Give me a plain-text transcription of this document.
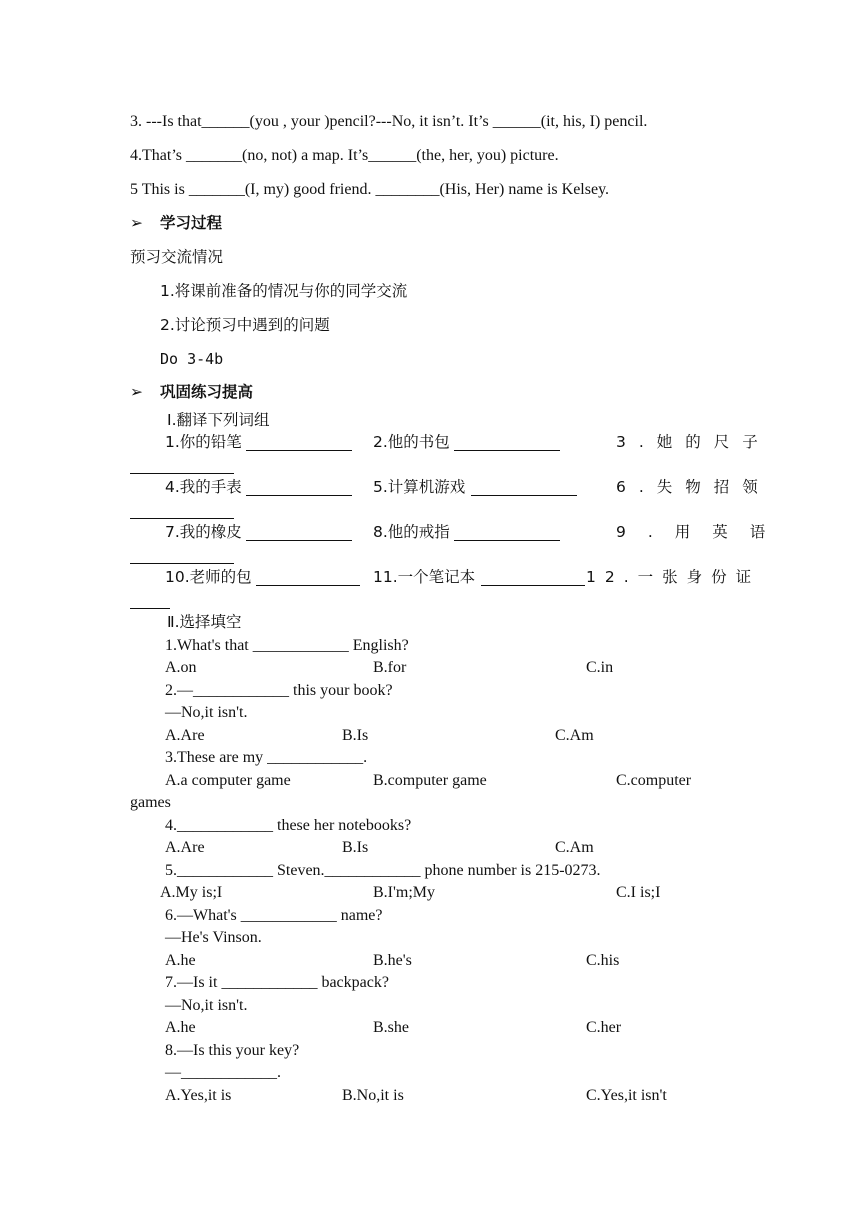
3. ---Is that______(you , your )pencil?---No, it isn’t. It’s ______(it, his, I) pencil.
4.That’s _______(no, not) a map. It’s______(the, her, you) picture.
5 This is _______(I, my) good friend. ________(His, Her) name is Kelsey.
➢ 学习过程
预习交流情况
1.将课前准备的情况与你的同学交流
2.讨论预习中遇到的问题
Do 3-4b
➢ 巩固练习提高
Ⅰ.翻译下列词组
1.你的铅笔	2.他的书包	3.她的尺子
4.我的手表	5.计算机游戏	6.失物招领
7.我的橡皮	8.他的戒指	9.用英语
10.老师的包	11.一个笔记本	12.一张身份证
Ⅱ.选择填空
1.What's that ____________ English?
A.on	B.for	C.in
2.—____________ this your book?
—No,it isn't.
A.Are	B.Is	C.Am
3.These are my ____________.
A.a computer game	B.computer game	C.computer
games
4.____________ these her notebooks?
A.Are	B.Is	C.Am
5.____________ Steven.____________ phone number is 215-0273.
A.My is;I	B.I'm;My	C.I is;I
6.—What's ____________ name?
—He's Vinson.
A.he	B.he's	C.his
7.—Is it ____________ backpack?
—No,it isn't.
A.he	B.she	C.her
8.—Is this your key?
—____________.
A.Yes,it is	B.No,it is	C.Yes,it isn't
